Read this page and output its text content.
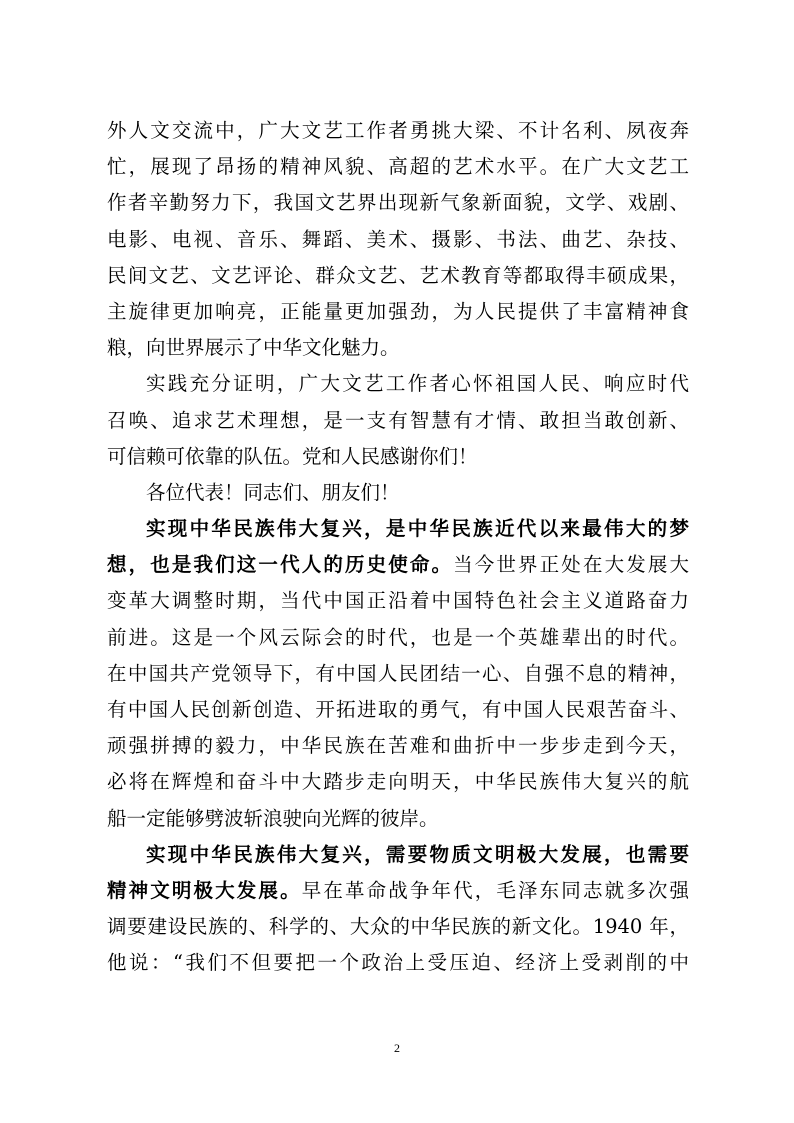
外人文交流中，广大文艺工作者勇挑大梁、不计名利、夙夜奔
忙，展现了昂扬的精神风貌、高超的艺术水平。在广大文艺工
作者辛勤努力下，我国文艺界出现新气象新面貌，文学、戏剧、
电影、电视、音乐、舞蹈、美术、摄影、书法、曲艺、杂技、
民间文艺、文艺评论、群众文艺、艺术教育等都取得丰硕成果，
主旋律更加响亮，正能量更加强劲，为人民提供了丰富精神食
粮，向世界展示了中华文化魅力。
实践充分证明，广大文艺工作者心怀祖国人民、响应时代
召唤、追求艺术理想，是一支有智慧有才情、敢担当敢创新、
可信赖可依靠的队伍。党和人民感谢你们！
各位代表！同志们、朋友们！
实现中华民族伟大复兴，是中华民族近代以来最伟大的梦
想，也是我们这一代人的历史使命。当今世界正处在大发展大
变革大调整时期，当代中国正沿着中国特色社会主义道路奋力
前进。这是一个风云际会的时代，也是一个英雄辈出的时代。
在中国共产党领导下，有中国人民团结一心、自强不息的精神，
有中国人民创新创造、开拓进取的勇气，有中国人民艰苦奋斗、
顽强拼搏的毅力，中华民族在苦难和曲折中一步步走到今天，
必将在辉煌和奋斗中大踏步走向明天，中华民族伟大复兴的航
船一定能够劈波斩浪驶向光辉的彼岸。
实现中华民族伟大复兴，需要物质文明极大发展，也需要
精神文明极大发展。早在革命战争年代，毛泽东同志就多次强
调要建设民族的、科学的、大众的中华民族的新文化。1940 年，
他说：“我们不但要把一个政治上受压迫、经济上受剥削的中
2
